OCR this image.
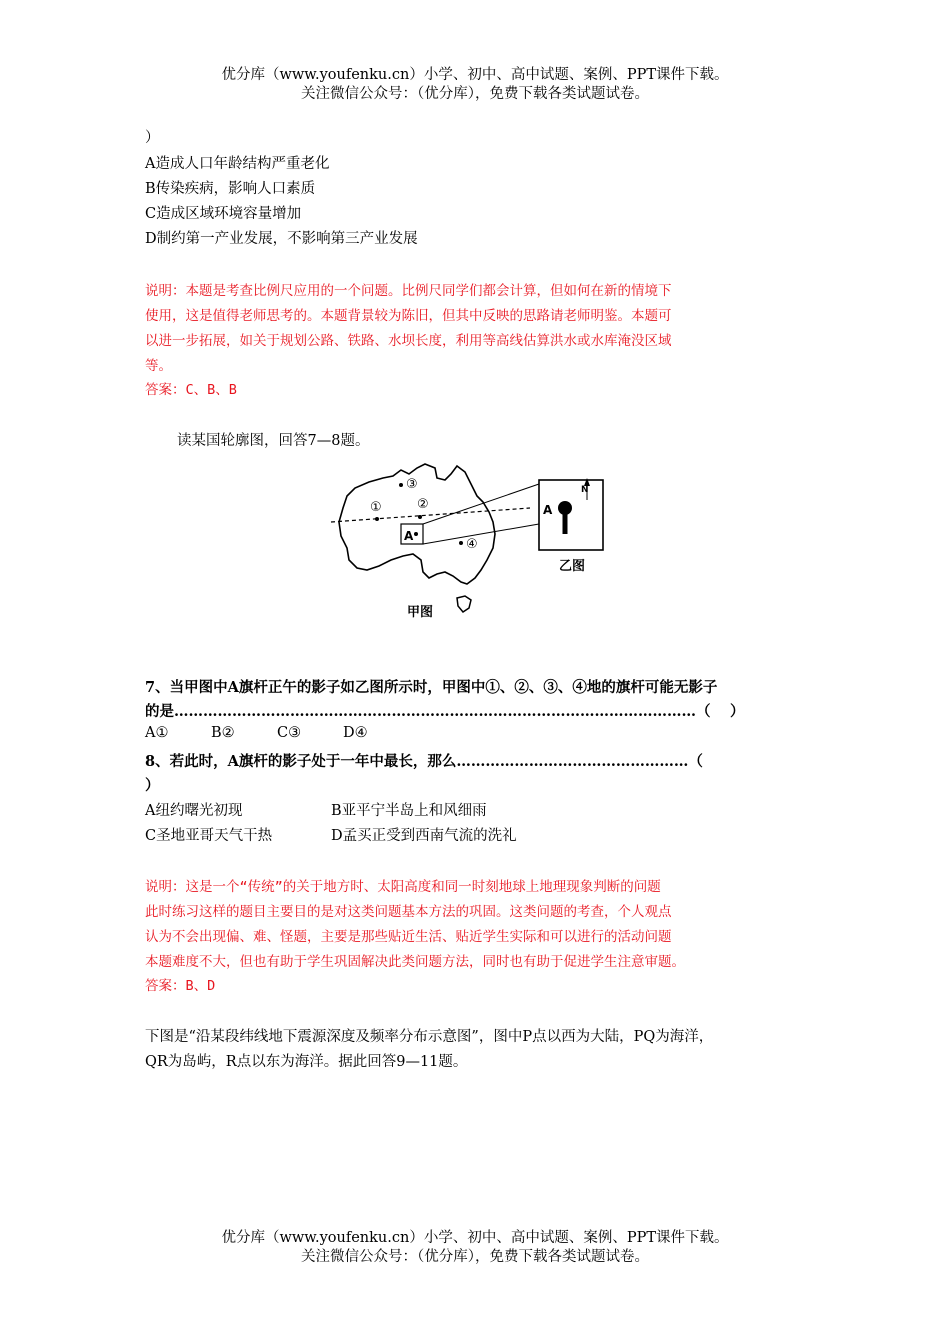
优分库（www.youfenku.cn）小学、初中、高中试题、案例、PPT课件下载。
关注微信公众号：（优分库），免费下载各类试题试卷。
）
A造成人口年龄结构严重老化
B传染疾病，影响人口素质
C造成区域环境容量增加
D制约第一产业发展，不影响第三产业发展
说明：本题是考查比例尺应用的一个问题。比例尺同学们都会计算，但如何在新的情境下
使用，这是值得老师思考的。本题背景较为陈旧，但其中反映的思路请老师明鉴。本题可
以进一步拓展，如关于规划公路、铁路、水坝长度，利用等高线估算洪水或水库淹没区域
等。
答案：C、B、B
读某国轮廓图，回答7—8题。
①	②
③
④
A
A
N
乙图
甲图
7、当甲图中A旗杆正午的影子如乙图所示时，甲图中①、②、③、④地的旗杆可能无影子
的是………………………………………………………………………………………………（　 ）
A①	B②	C③	D④
8、若此时，A旗杆的影子处于一年中最长，那么…………………………………………（
）
A纽约曙光初现	B亚平宁半岛上和风细雨
C圣地亚哥天气干热	D孟买正受到西南气流的洗礼
说明：这是一个“传统”的关于地方时、太阳高度和同一时刻地球上地理现象判断的问题
此时练习这样的题目主要目的是对这类问题基本方法的巩固。这类问题的考查，个人观点
认为不会出现偏、难、怪题，主要是那些贴近生活、贴近学生实际和可以进行的活动问题
本题难度不大，但也有助于学生巩固解决此类问题方法，同时也有助于促进学生注意审题。
答案：B、D
下图是“沿某段纬线地下震源深度及频率分布示意图”，图中P点以西为大陆，PQ为海洋，
QR为岛屿，R点以东为海洋。据此回答9—11题。
优分库（www.youfenku.cn）小学、初中、高中试题、案例、PPT课件下载。
关注微信公众号：（优分库），免费下载各类试题试卷。
